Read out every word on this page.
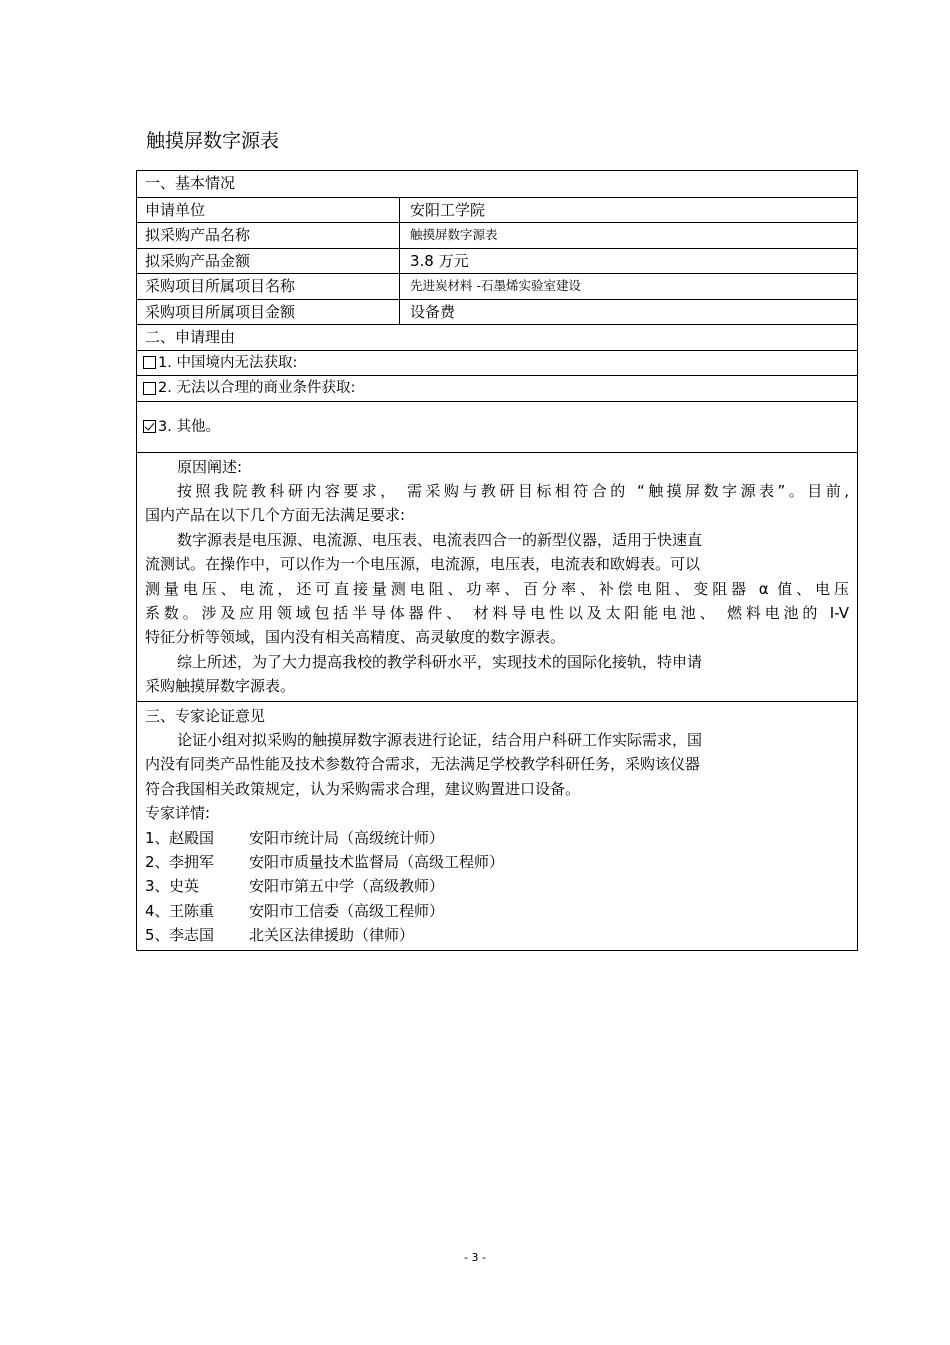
触摸屏数字源表
一、基本情况
申请单位	安阳工学院
拟采购产品名称	触摸屏数字源表
拟采购产品金额	3.8 万元
采购项目所属项目名称	先进炭材料 -石墨烯实验室建设
采购项目所属项目金额	设备费
二、申请理由
1. 中国境内无法获取:
2. 无法以合理的商业条件获取:
3. 其他。

原因阐述:

按照我院教科研内容要求， 需采购与教研目标相符合的 “触摸屏数字源表”。目前,

国内产品在以下几个方面无法满足要求:

数字源表是电压源、电流源、电压表、电流表四合一的新型仪器，适用于快速直

流测试。在操作中，可以作为一个电压源，电流源，电压表，电流表和欧姆表。可以

测量电压、电流，还可直接量测电阻、功率、百分率、补偿电阻、变阻器 α 值、电压

系数。涉及应用领域包括半导体器件、 材料导电性以及太阳能电池、 燃料电池的 I-V

特征分析等领域，国内没有相关高精度、高灵敏度的数字源表。

综上所述，为了大力提高我校的教学科研水平，实现技术的国际化接轨，特申请

采购触摸屏数字源表。

三、专家论证意见

论证小组对拟采购的触摸屏数字源表进行论证，结合用户科研工作实际需求，国

内没有同类产品性能及技术参数符合需求，无法满足学校教学科研任务，采购该仪器

符合我国相关政策规定，认为采购需求合理，建议购置进口设备。

专家详情:

1、 赵殿国	安阳市统计局（高级统计师）
2、 李拥军	安阳市质量技术监督局（高级工程师）
3、 史英	安阳市第五中学（高级教师）
4、 王陈重	安阳市工信委（高级工程师）
5、 李志国	北关区法律援助（律师）
- 3 -
